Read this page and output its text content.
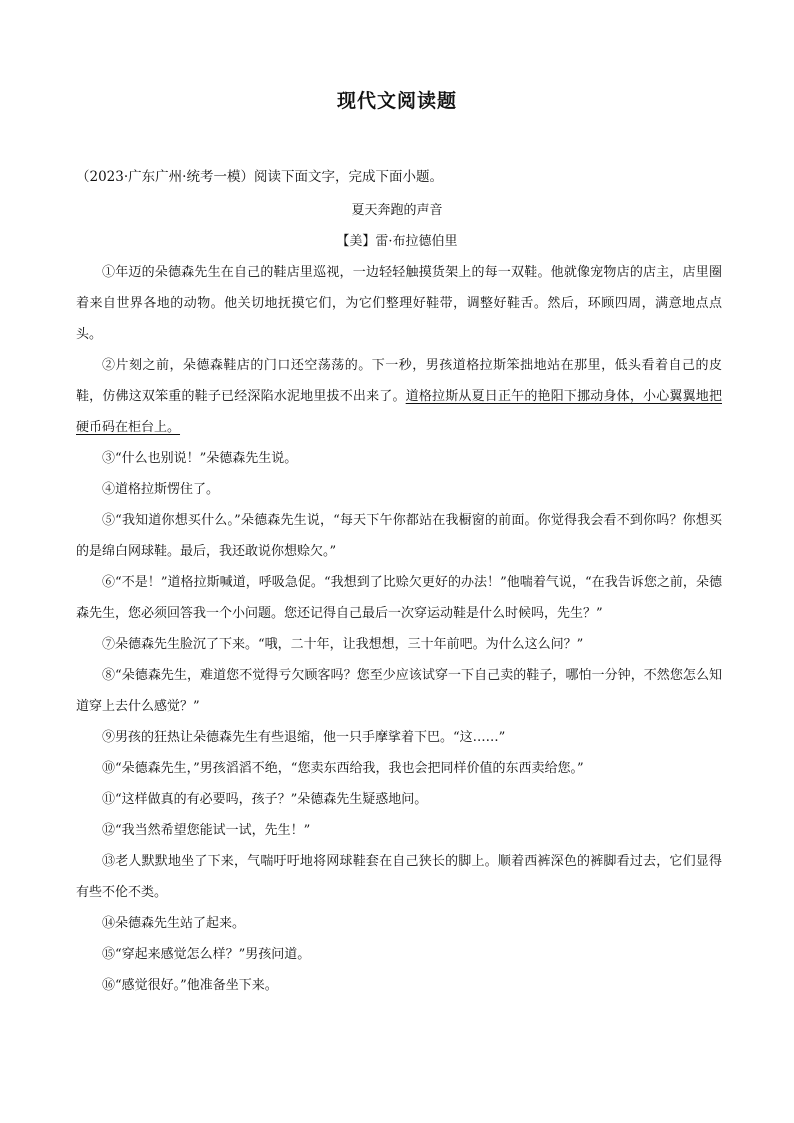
现代文阅读题
（2023·广东广州·统考一模）阅读下面文字，完成下面小题。
夏天奔跑的声音
【美】雷·布拉德伯里

①年迈的朵德森先生在自己的鞋店里巡视，一边轻轻触摸货架上的每一双鞋。他就像宠物店的店主，店里圈着来自世界各地的动物。他关切地抚摸它们，为它们整理好鞋带，调整好鞋舌。然后，环顾四周，满意地点点头。

②片刻之前，朵德森鞋店的门口还空荡荡的。下一秒，男孩道格拉斯笨拙地站在那里，低头看着自己的皮鞋，仿佛这双笨重的鞋子已经深陷水泥地里拔不出来了。道格拉斯从夏日正午的艳阳下挪动身体，小心翼翼地把硬币码在柜台上。

③“什么也别说！”朵德森先生说。

④道格拉斯愣住了。

⑤“我知道你想买什么。”朵德森先生说，“每天下午你都站在我橱窗的前面。你觉得我会看不到你吗？你想买的是绵白网球鞋。最后，我还敢说你想赊欠。”

⑥“不是！”道格拉斯喊道，呼吸急促。“我想到了比赊欠更好的办法！”他喘着气说，“在我告诉您之前，朵德森先生，您必须回答我一个小问题。您还记得自己最后一次穿运动鞋是什么时候吗，先生？”

⑦朵德森先生脸沉了下来。“哦，二十年，让我想想，三十年前吧。为什么这么问？”

⑧“朵德森先生，难道您不觉得亏欠顾客吗？您至少应该试穿一下自己卖的鞋子，哪怕一分钟，不然您怎么知道穿上去什么感觉？”

⑨男孩的狂热让朵德森先生有些退缩，他一只手摩挲着下巴。“这……”

⑩“朵德森先生，”男孩滔滔不绝，“您卖东西给我，我也会把同样价值的东西卖给您。”

⑪“这样做真的有必要吗，孩子？”朵德森先生疑惑地问。

⑫“我当然希望您能试一试，先生！”

⑬老人默默地坐了下来，气喘吁吁地将网球鞋套在自己狭长的脚上。顺着西裤深色的裤脚看过去，它们显得有些不伦不类。

⑭朵德森先生站了起来。

⑮“穿起来感觉怎么样？”男孩问道。

⑯“感觉很好。”他准备坐下来。
